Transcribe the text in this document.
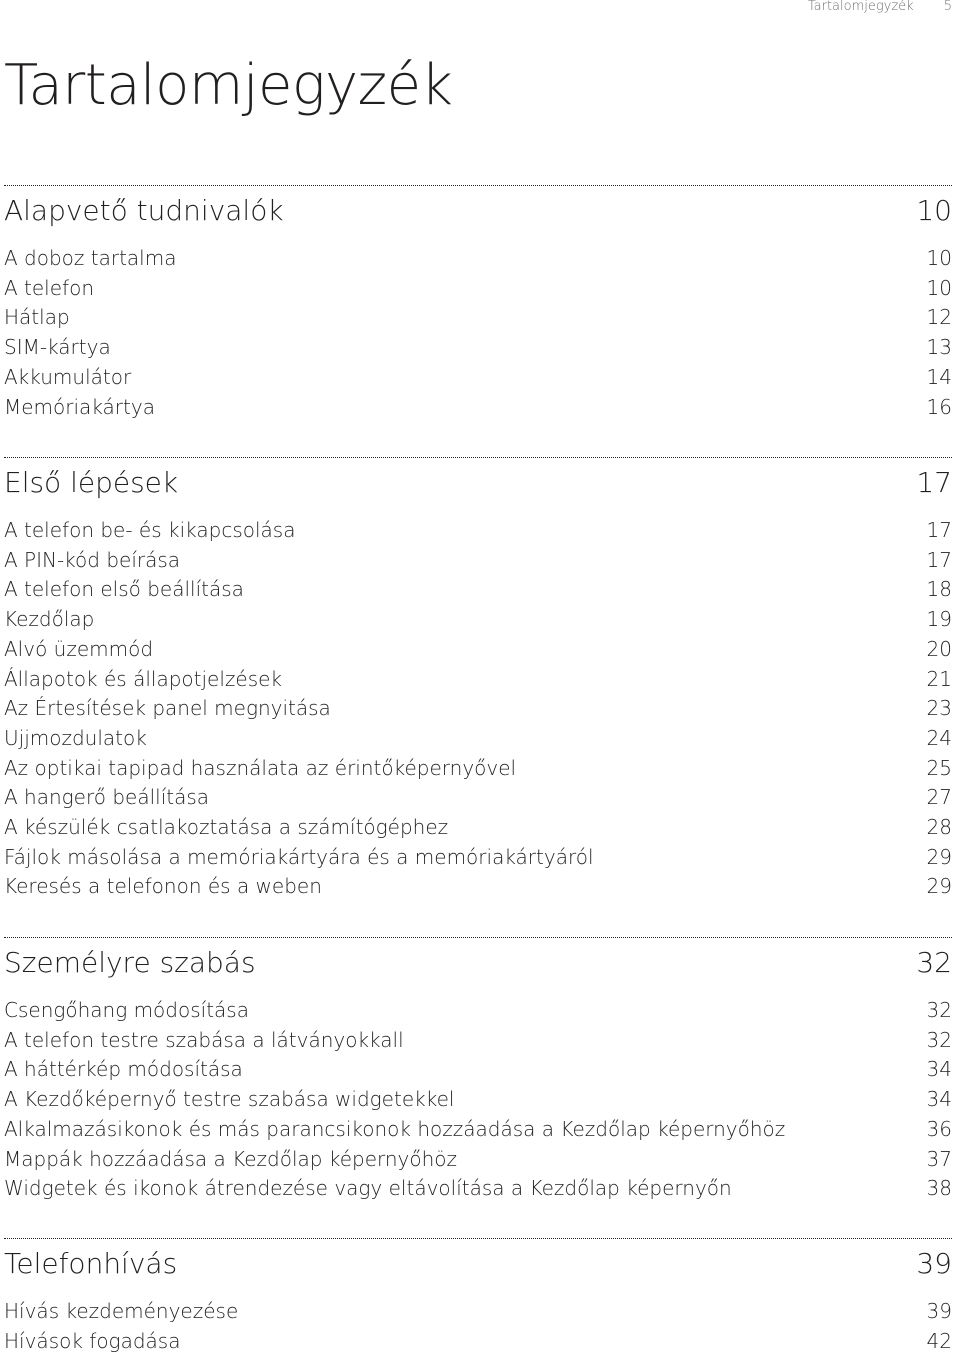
Tartalomjegyzék 5
Tartalomjegyzék
Alapvető tudnivalók	10
A doboz tartalma	10
A telefon	10
Hátlap	12
SIM-kártya	13
Akkumulátor	14
Memóriakártya	16
Első lépések	17
A telefon be- és kikapcsolása	17
A PIN-kód beírása	17
A telefon első beállítása	18
Kezdőlap	19
Alvó üzemmód	20
Állapotok és állapotjelzések	21
Az Értesítések panel megnyitása	23
Ujjmozdulatok	24
Az optikai tapipad használata az érintőképernyővel	25
A hangerő beállítása	27
A készülék csatlakoztatása a számítógéphez	28
Fájlok másolása a memóriakártyára és a memóriakártyáról	29
Keresés a telefonon és a weben	29
Személyre szabás	32
Csengőhang módosítása	32
A telefon testre szabása a látványokkall	32
A háttérkép módosítása	34
A Kezdőképernyő testre szabása widgetekkel	34
Alkalmazásikonok és más parancsikonok hozzáadása a Kezdőlap képernyőhöz	36
Mappák hozzáadása a Kezdőlap képernyőhöz	37
Widgetek és ikonok átrendezése vagy eltávolítása a Kezdőlap képernyőn	38
Telefonhívás	39
Hívás kezdeményezése	39
Hívások fogadása	42
